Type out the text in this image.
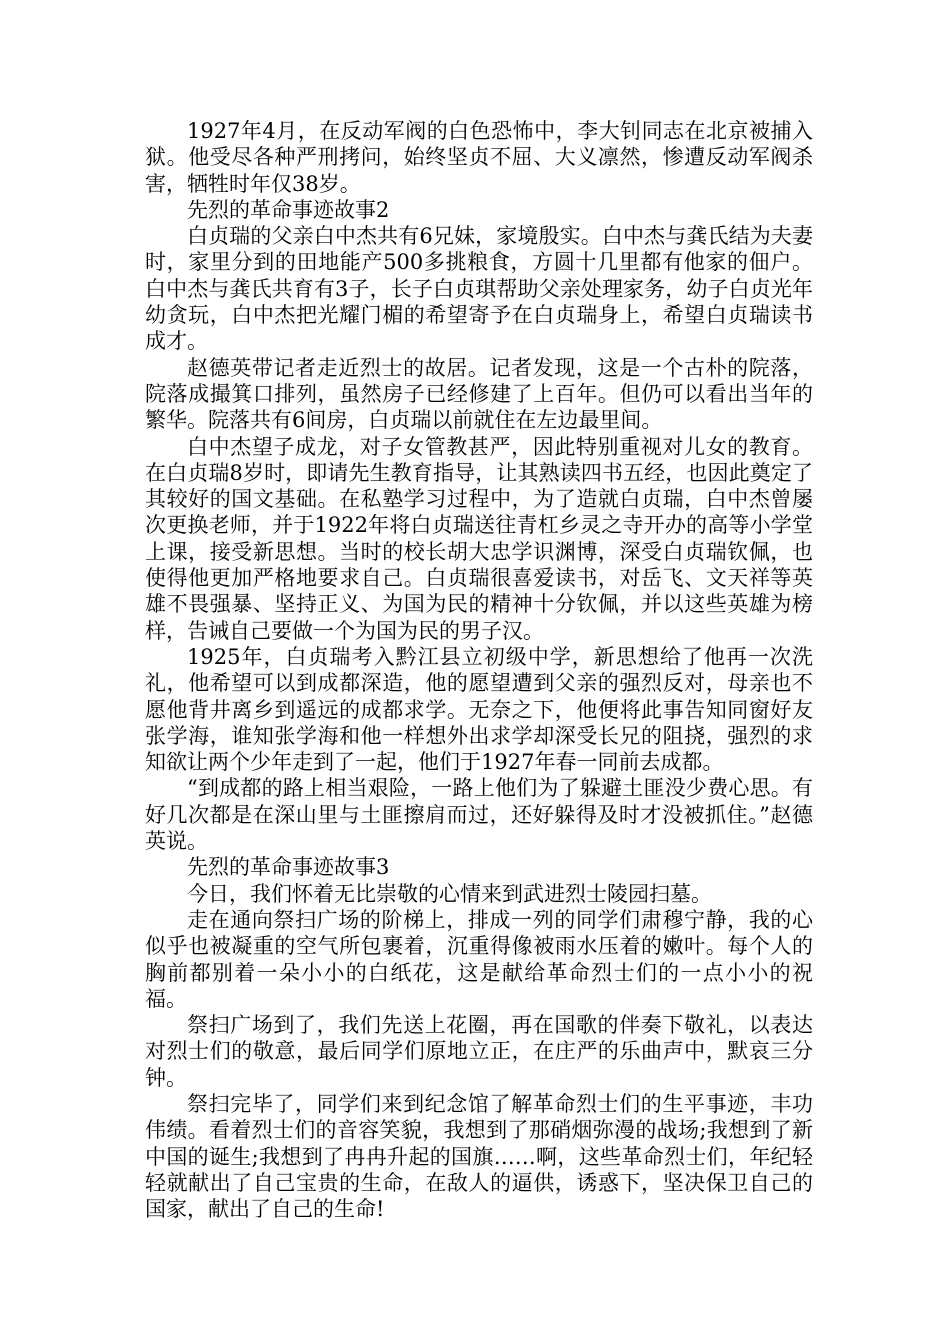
1927年4月，在反动军阀的白色恐怖中，李大钊同志在北京被捕入狱。他受尽各种严刑拷问，始终坚贞不屈、大义凛然，惨遭反动军阀杀害，牺牲时年仅38岁。

先烈的革命事迹故事2

白贞瑞的父亲白中杰共有6兄妹，家境殷实。白中杰与龚氏结为夫妻时，家里分到的田地能产500多挑粮食，方圆十几里都有他家的佃户。白中杰与龚氏共育有3子，长子白贞琪帮助父亲处理家务，幼子白贞光年幼贪玩，白中杰把光耀门楣的希望寄予在白贞瑞身上，希望白贞瑞读书成才。

赵德英带记者走近烈士的故居。记者发现，这是一个古朴的院落，院落成撮箕口排列，虽然房子已经修建了上百年。但仍可以看出当年的繁华。院落共有6间房，白贞瑞以前就住在左边最里间。

白中杰望子成龙，对子女管教甚严，因此特别重视对儿女的教育。在白贞瑞8岁时，即请先生教育指导，让其熟读四书五经，也因此奠定了其较好的国文基础。在私塾学习过程中，为了造就白贞瑞，白中杰曾屡次更换老师，并于1922年将白贞瑞送往青杠乡灵之寺开办的高等小学堂上课，接受新思想。当时的校长胡大忠学识渊博，深受白贞瑞钦佩，也使得他更加严格地要求自己。白贞瑞很喜爱读书，对岳飞、文天祥等英雄不畏强暴、坚持正义、为国为民的精神十分钦佩，并以这些英雄为榜样，告诫自己要做一个为国为民的男子汉。

1925年，白贞瑞考入黔江县立初级中学，新思想给了他再一次洗礼，他希望可以到成都深造，他的愿望遭到父亲的强烈反对，母亲也不愿他背井离乡到遥远的成都求学。无奈之下，他便将此事告知同窗好友张学海，谁知张学海和他一样想外出求学却深受长兄的阻挠，强烈的求知欲让两个少年走到了一起，他们于1927年春一同前去成都。

“到成都的路上相当艰险，一路上他们为了躲避土匪没少费心思。有好几次都是在深山里与土匪擦肩而过，还好躲得及时才没被抓住。”赵德英说。

先烈的革命事迹故事3

今日，我们怀着无比崇敬的心情来到武进烈士陵园扫墓。

走在通向祭扫广场的阶梯上，排成一列的同学们肃穆宁静，我的心似乎也被凝重的空气所包裹着，沉重得像被雨水压着的嫩叶。每个人的胸前都别着一朵小小的白纸花，这是献给革命烈士们的一点小小的祝福。

祭扫广场到了，我们先送上花圈，再在国歌的伴奏下敬礼，以表达对烈士们的敬意，最后同学们原地立正，在庄严的乐曲声中，默哀三分钟。

祭扫完毕了，同学们来到纪念馆了解革命烈士们的生平事迹，丰功伟绩。看着烈士们的音容笑貌，我想到了那硝烟弥漫的战场;我想到了新中国的诞生;我想到了冉冉升起的国旗……啊，这些革命烈士们，年纪轻轻就献出了自己宝贵的生命，在敌人的逼供，诱惑下，坚决保卫自己的国家，献出了自己的生命!
